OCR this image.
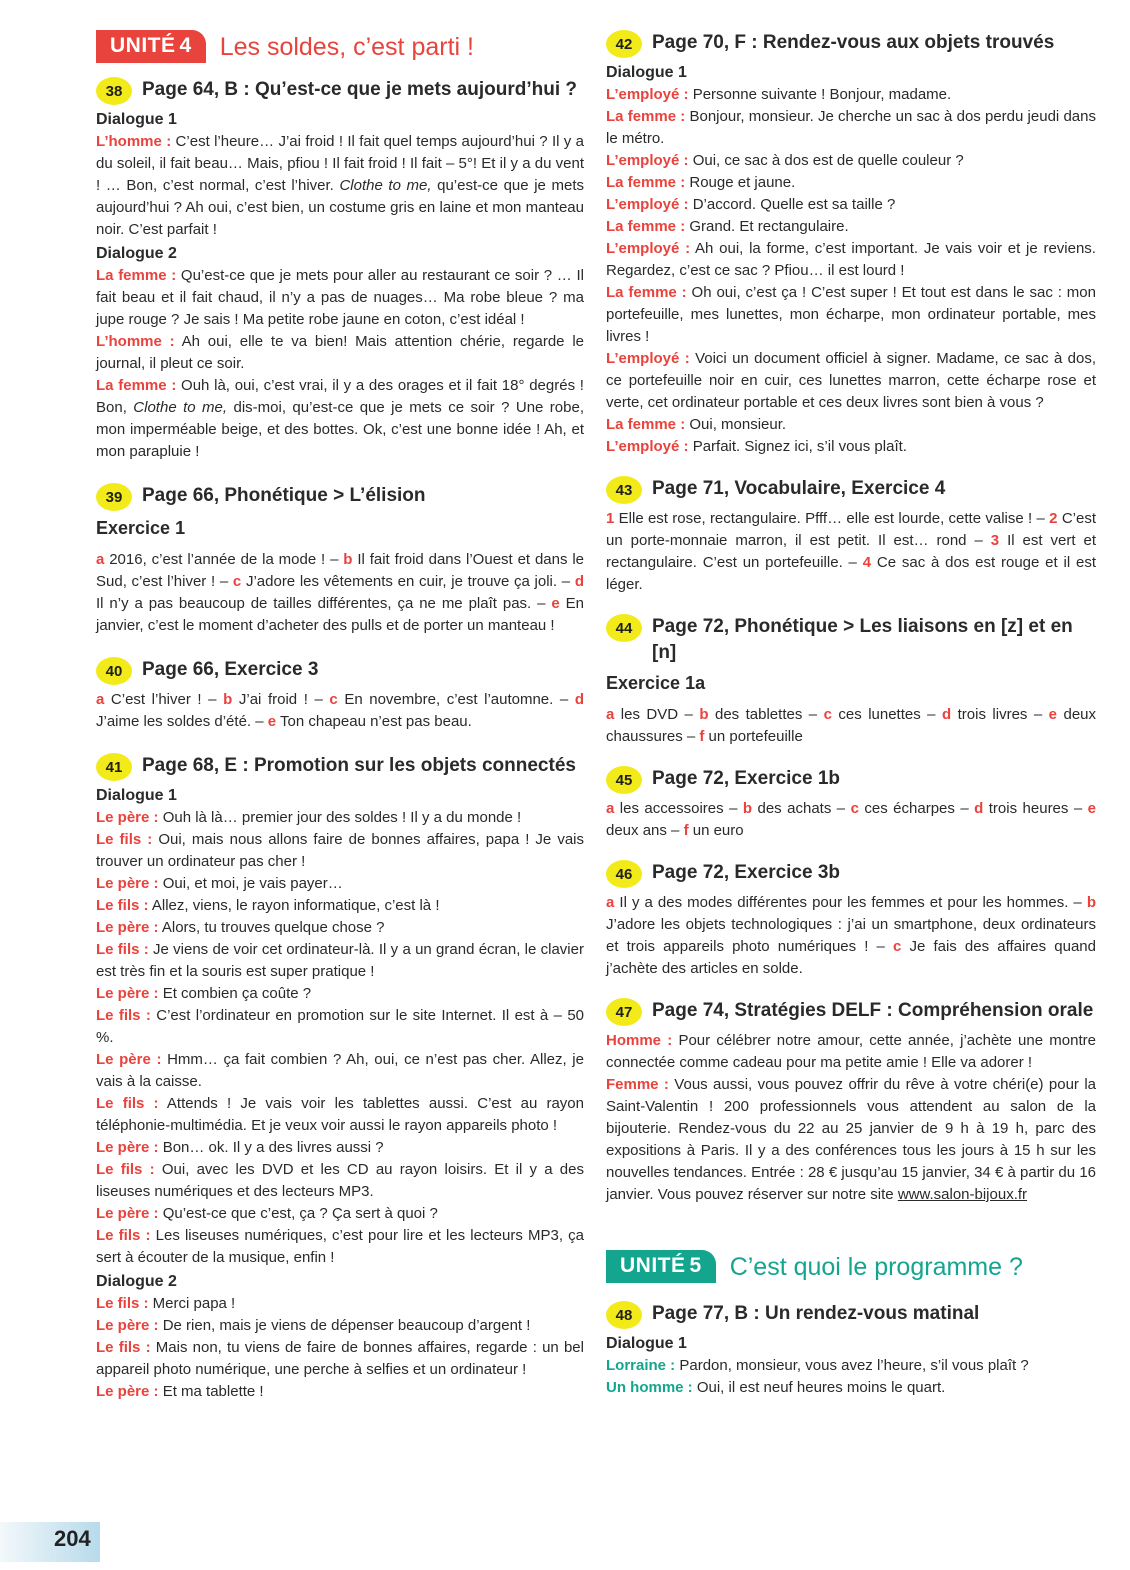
UNITÉ 4	Les soldes, c’est parti !
38	Page 64, B : Qu’est-ce que je mets aujourd’hui ?
Dialogue 1

L’homme : C’est l’heure… J’ai froid ! Il fait quel temps aujourd’hui ? Il y a du soleil, il fait beau… Mais, pfiou ! Il fait froid ! Il fait – 5°! Et il y a du vent ! … Bon, c’est normal, c’est l’hiver. Clothe to me, qu’est-ce que je mets aujourd’hui ? Ah oui, c’est bien, un costume gris en laine et mon manteau noir. C’est parfait !

Dialogue 2

La femme : Qu’est-ce que je mets pour aller au restaurant ce soir ? … Il fait beau et il fait chaud, il n’y a pas de nuages… Ma robe bleue ? ma jupe rouge ? Je sais ! Ma petite robe jaune en coton, c’est idéal !

L’homme : Ah oui, elle te va bien! Mais attention chérie, regarde le journal, il pleut ce soir.

La femme : Ouh là, oui, c’est vrai, il y a des orages et il fait 18° degrés ! Bon, Clothe to me, dis-moi, qu’est-ce que je mets ce soir ? Une robe, mon imperméable beige, et des bottes. Ok, c’est une bonne idée ! Ah, et mon parapluie !

39	Page 66, Phonétique > L’élision
Exercice 1

a 2016, c’est l’année de la mode ! – b Il fait froid dans l’Ouest et dans le Sud, c’est l’hiver ! – c J’adore les vêtements en cuir, je trouve ça joli. – d Il n’y a pas beaucoup de tailles différentes, ça ne me plaît pas. – e En janvier, c’est le moment d’acheter des pulls et de porter un manteau !

40	Page 66, Exercice 3

a C’est l’hiver ! – b J’ai froid ! – c En novembre, c’est l’automne. – d J’aime les soldes d’été. – e Ton chapeau n’est pas beau.

41	Page 68, E : Promotion sur les objets connectés
Dialogue 1

Le père : Ouh là là… premier jour des soldes ! Il y a du monde !

Le fils : Oui, mais nous allons faire de bonnes affaires, papa ! Je vais trouver un ordinateur pas cher !

Le père : Oui, et moi, je vais payer…

Le fils : Allez, viens, le rayon informatique, c’est là !

Le père : Alors, tu trouves quelque chose ?

Le fils : Je viens de voir cet ordinateur-là. Il y a un grand écran, le clavier est très fin et la souris est super pratique !

Le père : Et combien ça coûte ?

Le fils : C’est l’ordinateur en promotion sur le site Internet. Il est à – 50 %.

Le père : Hmm… ça fait combien ? Ah, oui, ce n’est pas cher. Allez, je vais à la caisse.

Le fils : Attends ! Je vais voir les tablettes aussi. C’est au rayon téléphonie-multimédia. Et je veux voir aussi le rayon appareils photo !

Le père : Bon… ok. Il y a des livres aussi ?

Le fils : Oui, avec les DVD et les CD au rayon loisirs. Et il y a des liseuses numériques et des lecteurs MP3.

Le père : Qu’est-ce que c’est, ça ? Ça sert à quoi ?

Le fils : Les liseuses numériques, c’est pour lire et les lecteurs MP3, ça sert à écouter de la musique, enfin !

Dialogue 2

Le fils : Merci papa !

Le père : De rien, mais je viens de dépenser beaucoup d’argent !

Le fils : Mais non, tu viens de faire de bonnes affaires, regarde : un bel appareil photo numérique, une perche à selfies et un ordinateur !

Le père : Et ma tablette !

42	Page 70, F : Rendez-vous aux objets trouvés
Dialogue 1

L’employé : Personne suivante ! Bonjour, madame.

La femme : Bonjour, monsieur. Je cherche un sac à dos perdu jeudi dans le métro.

L’employé : Oui, ce sac à dos est de quelle couleur ?

La femme : Rouge et jaune.

L’employé : D’accord. Quelle est sa taille ?

La femme : Grand. Et rectangulaire.

L’employé : Ah oui, la forme, c’est important. Je vais voir et je reviens. Regardez, c’est ce sac ? Pfiou… il est lourd !

La femme : Oh oui, c’est ça ! C’est super ! Et tout est dans le sac : mon portefeuille, mes lunettes, mon écharpe, mon ordinateur portable, mes livres !

L’employé : Voici un document officiel à signer. Madame, ce sac à dos, ce portefeuille noir en cuir, ces lunettes marron, cette écharpe rose et verte, cet ordinateur portable et ces deux livres sont bien à vous ?

La femme : Oui, monsieur.

L’employé : Parfait. Signez ici, s’il vous plaît.

43	Page 71, Vocabulaire, Exercice 4

1 Elle est rose, rectangulaire. Pfff… elle est lourde, cette valise ! – 2 C’est un porte-monnaie marron, il est petit. Il est… rond – 3 Il est vert et rectangulaire. C’est un portefeuille. – 4 Ce sac à dos est rouge et il est léger.

44	Page 72, Phonétique > Les liaisons en [z] et en [n]
Exercice 1a

a les DVD – b des tablettes – c ces lunettes – d trois livres – e deux chaussures – f un portefeuille

45	Page 72, Exercice 1b

a les accessoires – b des achats – c ces écharpes – d trois heures – e deux ans – f un euro

46	Page 72, Exercice 3b

a Il y a des modes différentes pour les femmes et pour les hommes. – b J’adore les objets technologiques : j’ai un smartphone, deux ordinateurs et trois appareils photo numériques ! – c Je fais des affaires quand j’achète des articles en solde.

47	Page 74, Stratégies DELF : Compréhension orale

Homme : Pour célébrer notre amour, cette année, j’achète une montre connectée comme cadeau pour ma petite amie ! Elle va adorer !

Femme : Vous aussi, vous pouvez offrir du rêve à votre chéri(e) pour la Saint-Valentin ! 200 professionnels vous attendent au salon de la bijouterie. Rendez-vous du 22 au 25 janvier de 9 h à 19 h, parc des expositions à Paris. Il y a des conférences tous les jours à 15 h sur les nouvelles tendances. Entrée : 28 € jusqu’au 15 janvier, 34 € à partir du 16 janvier. Vous pouvez réserver sur notre site www.salon-bijoux.fr

UNITÉ 5	C’est quoi le programme ?
48	Page 77, B : Un rendez-vous matinal
Dialogue 1

Lorraine : Pardon, monsieur, vous avez l’heure, s’il vous plaît ?

Un homme : Oui, il est neuf heures moins le quart.

204
